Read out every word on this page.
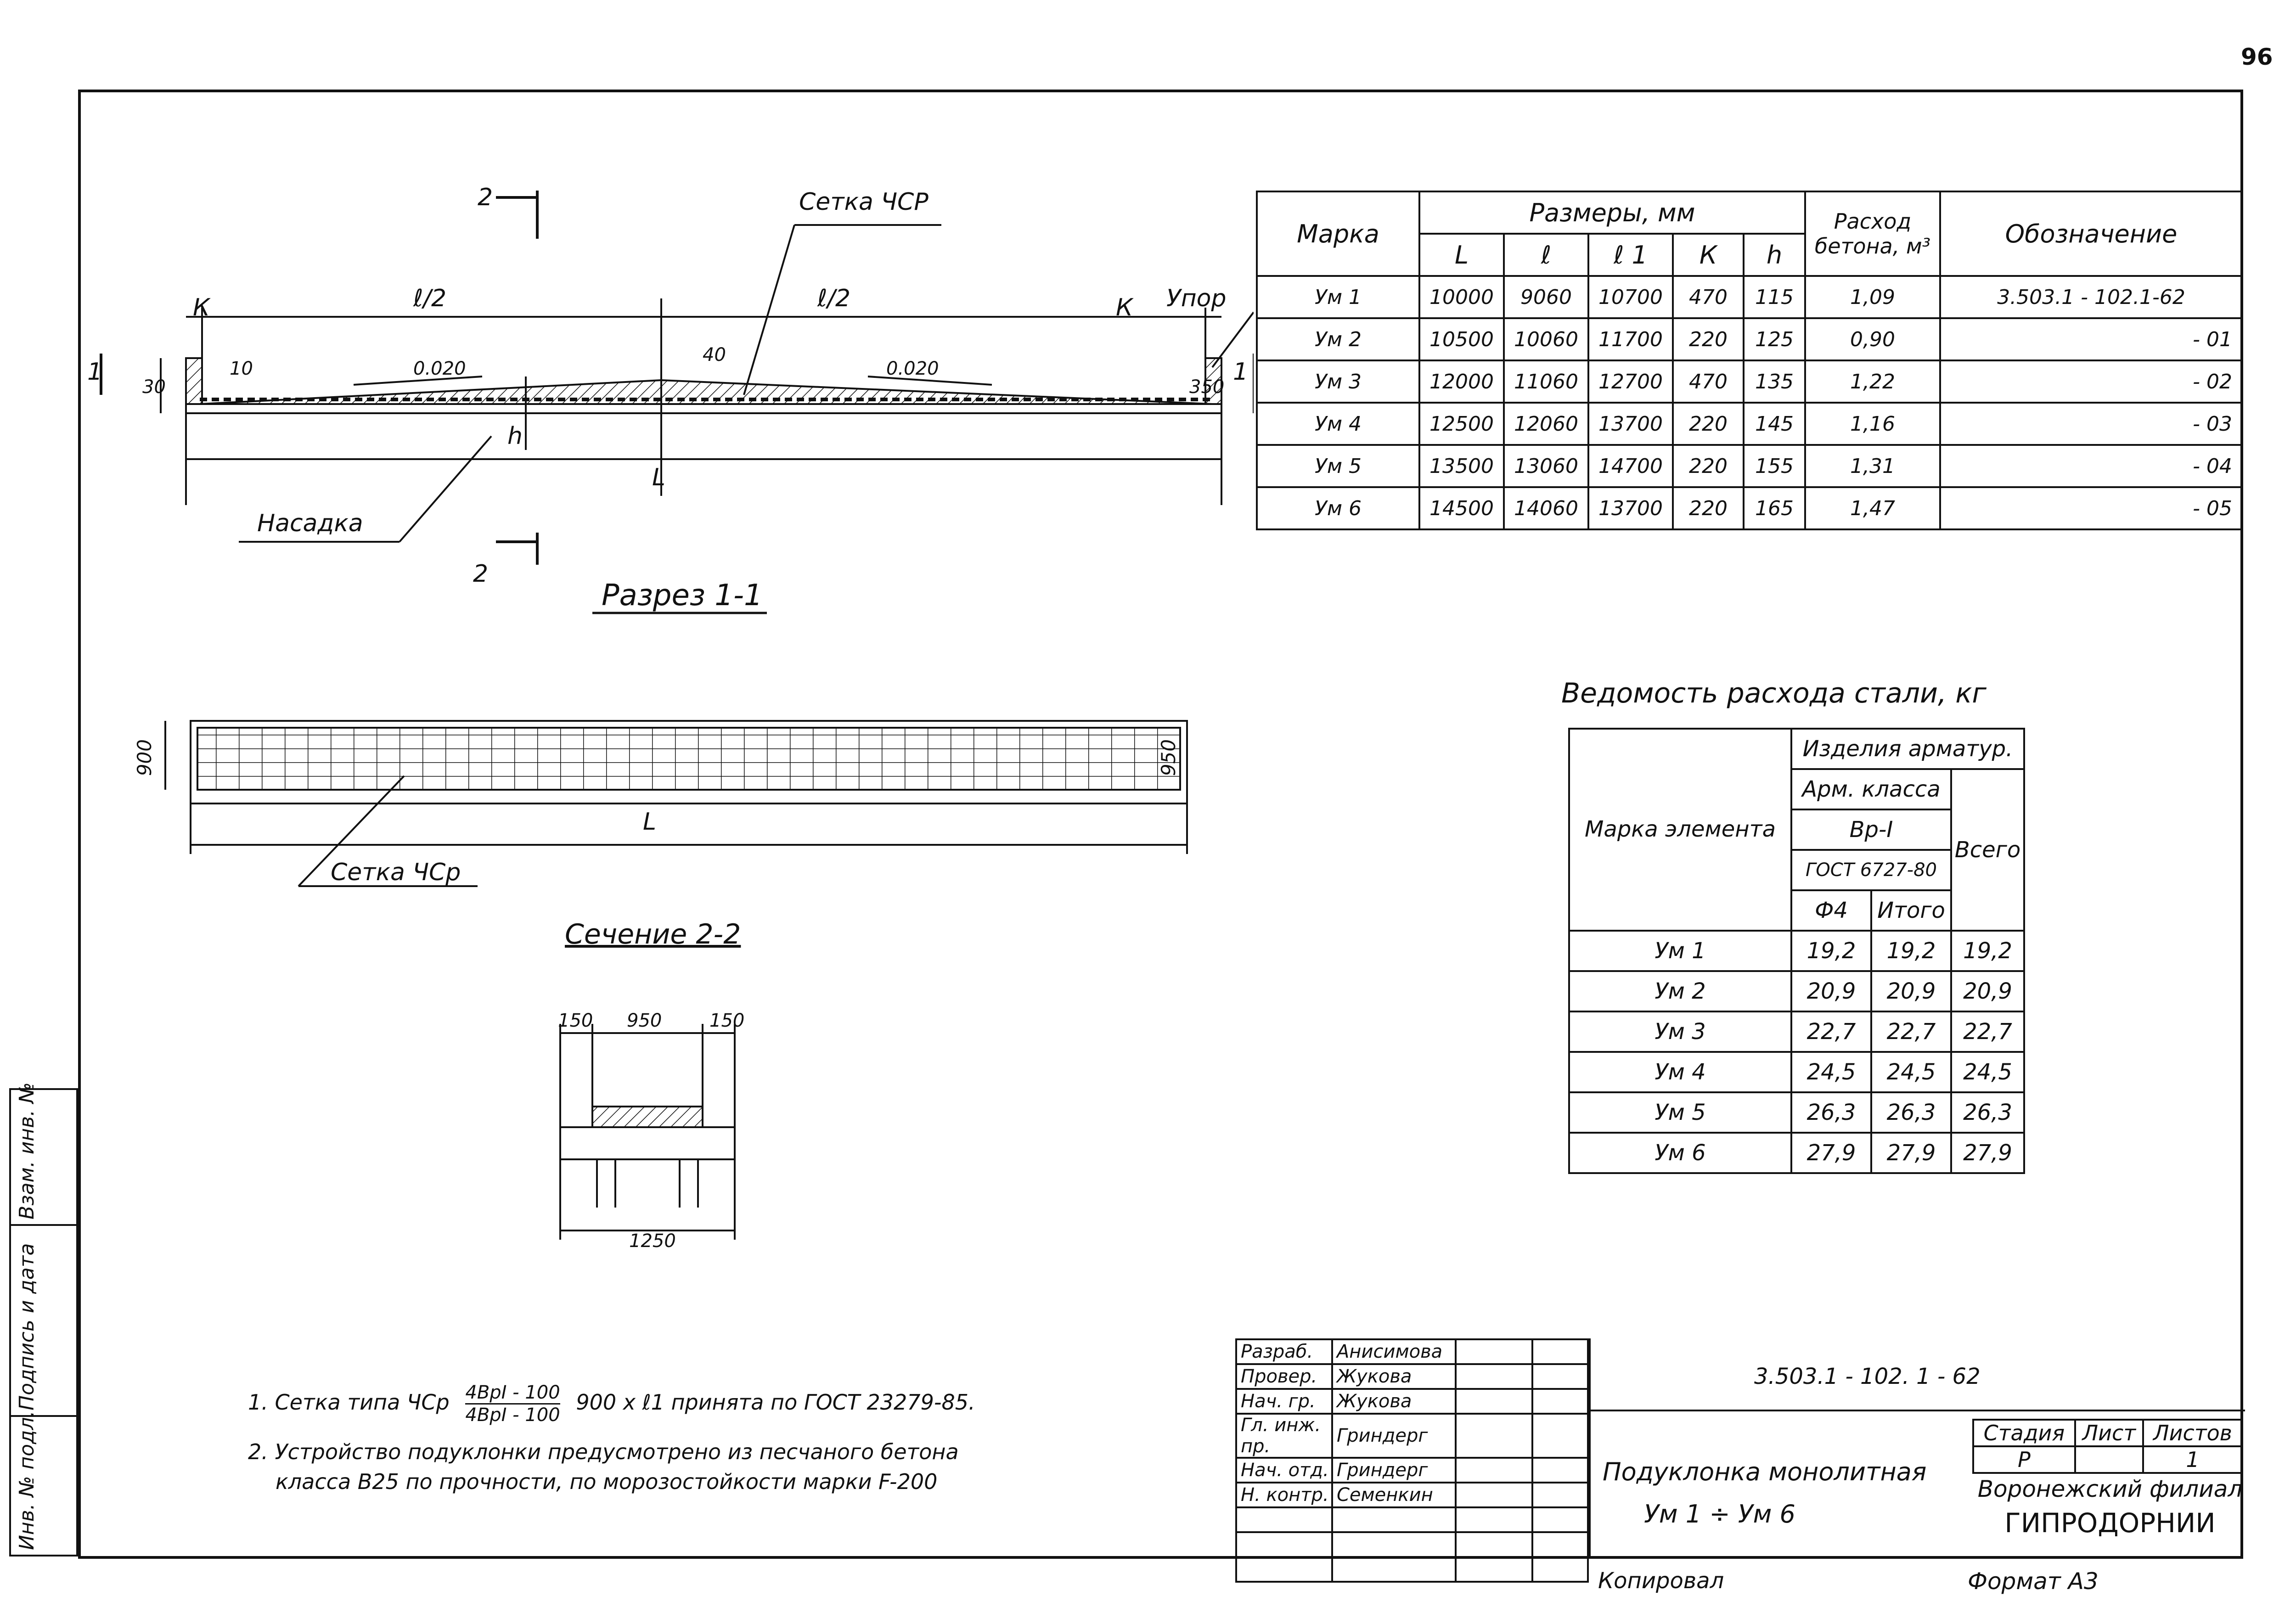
96
2
2
Сетка ЧСР
ℓ/2	ℓ/2
К	К Упор
10
30
40
350
0.020	0.020
h
L
1	1
Насадка
Разрез 1-1
900	950
L
Сетка ЧСр
Сечение 2-2
150 950	150
1250
Марка	Размеры, мм					Расход бетона, м³	Обозначение
	L	ℓ	ℓ 1	К	h		
Ум 1	10000	9060	10700	470	115	1,09	3.503.1 - 102.1-62
Ум 2	10500	10060	11700	220	125	0,90	- 01
Ум 3	12000	11060	12700	470	135	1,22	- 02
Ум 4	12500	12060	13700	220	145	1,16	- 03
Ум 5	13500	13060	14700	220	155	1,31	- 04
Ум 6	14500	14060	13700	220	165	1,47	- 05
Ведомость расхода стали, кг
Марка элемента	Изделия арматур.		
	Арм. класса		Всего
	Вр-I		
	ГОСТ 6727-80		
	Ф4	Итого	
Ум 1	19,2	19,2	19,2
Ум 2	20,9	20,9	20,9
Ум 3	22,7	22,7	22,7
Ум 4	24,5	24,5	24,5
Ум 5	26,3	26,3	26,3
Ум 6	27,9	27,9	27,9
1. Сетка типа ЧСр 4ВрI - 100
4ВрI - 100
900 x ℓ1 принята по ГОСТ 23279-85.
2. Устройство подуклонки предусмотрено из песчаного бетона
класса В25 по прочности, по морозостойкости марки F-200
Разраб.	Анисимова		
Провер.	Жукова		
Нач. гр.	Жукова		
Гл. инж. пр.	Гриндерг		
Нач. отд.	Гриндерг		
Н. контр.	Семенкин		

3.503.1 - 102. 1 - 62
Подуклонка монолитная
Ум 1 ÷ Ум 6
Стадия	Лист	Листов
Р		1
Воронежский филиал
ГИПРОДОРНИИ
Копировал	Формат А3
Взам. инв. №
Подпись и дата
Инв. № подл.
